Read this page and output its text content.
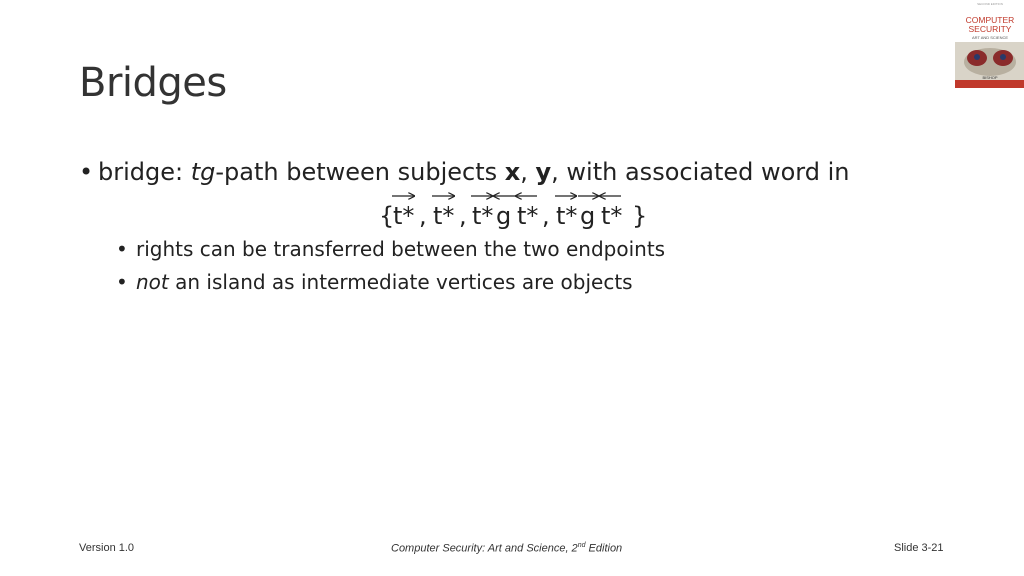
Bridges
SECOND EDITION
COMPUTER
SECURITY
ART AND SCIENCE
BISHOP
• bridge: tg-path between subjects x, y, with associated word in
{
t* , t* , t* g t* , t* g t* }
• rights can be transferred between the two endpoints
• not an island as intermediate vertices are objects
Version 1.0	Computer Security: Art and Science, 2nd Edition	Slide 3-21
